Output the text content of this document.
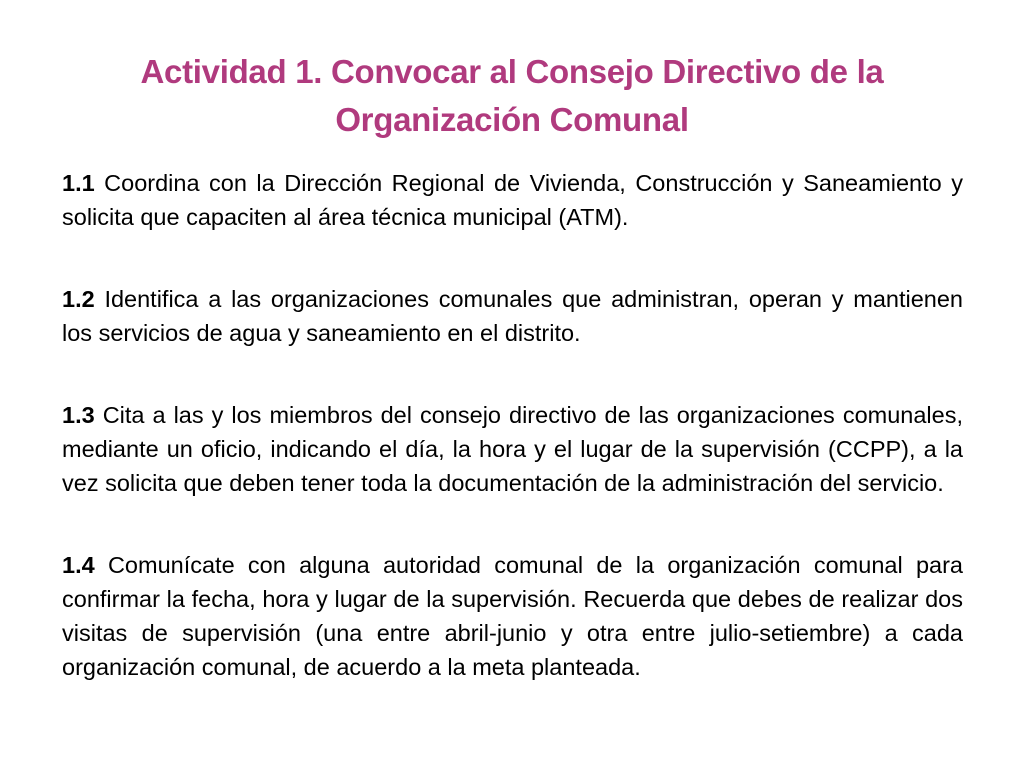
Actividad 1. Convocar al Consejo Directivo de la Organización Comunal

1.1 Coordina con la Dirección Regional de Vivienda, Construcción y Saneamiento y solicita que capaciten al área técnica municipal (ATM).

1.2 Identifica a las organizaciones comunales que administran, operan y mantienen los servicios de agua y saneamiento en el distrito.

1.3 Cita a las y los miembros del consejo directivo de las organizaciones comunales, mediante un oficio, indicando el día, la hora y el lugar de la supervisión (CCPP), a la vez solicita que deben tener toda la documentación de la administración del servicio.

1.4 Comunícate con alguna autoridad comunal de la organización comunal para confirmar la fecha, hora y lugar de la supervisión. Recuerda que debes de realizar dos visitas de supervisión (una entre abril-junio y otra entre julio-setiembre) a cada organización comunal, de acuerdo a la meta planteada.
